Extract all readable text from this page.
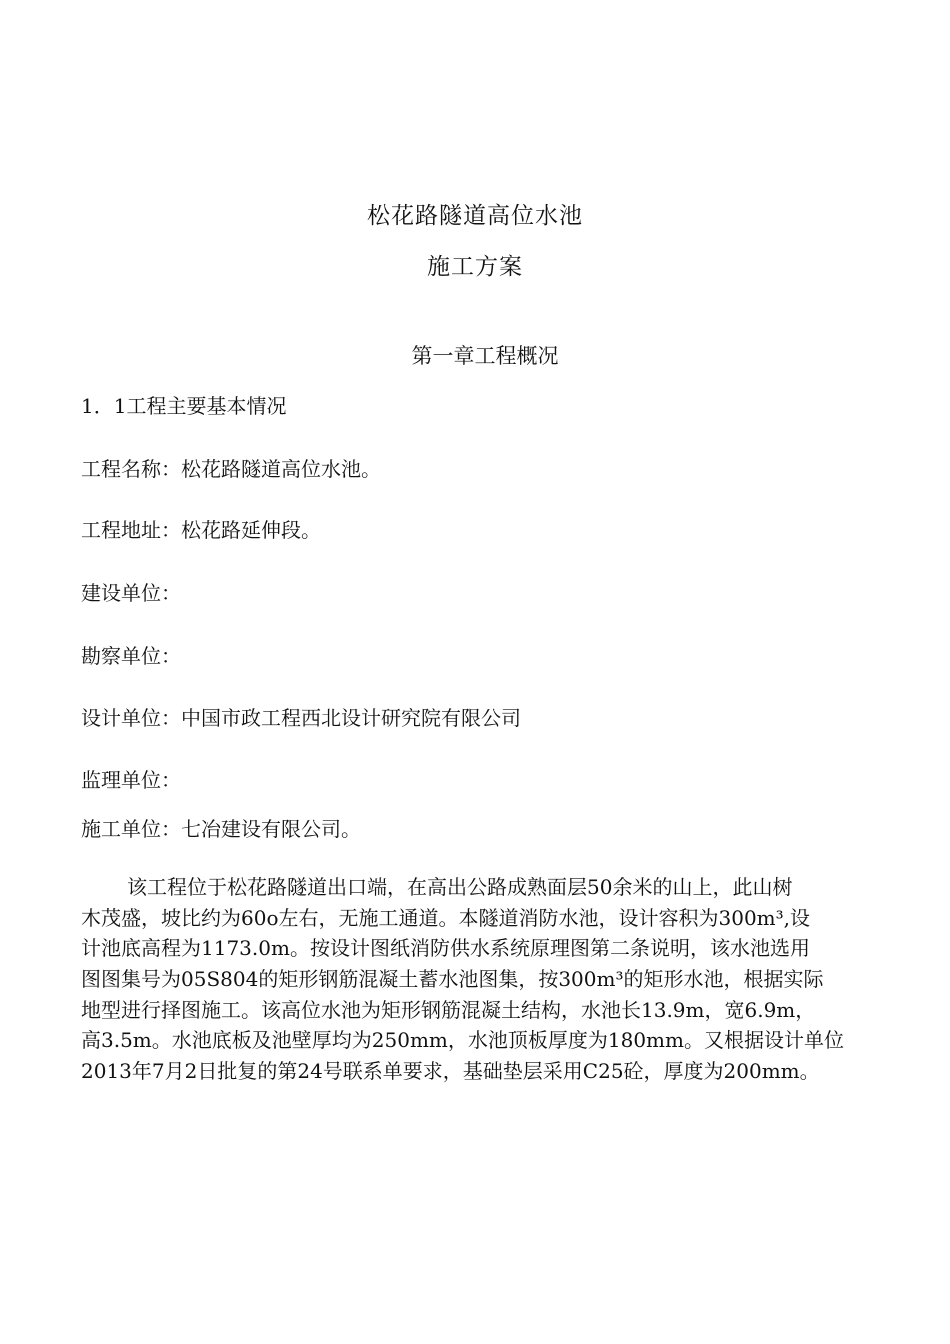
松花路隧道高位水池
施工方案
第一章工程概况
1．1工程主要基本情况
工程名称：松花路隧道高位水池。
工程地址：松花路延伸段。
建设单位：
勘察单位：
设计单位：中国市政工程西北设计研究院有限公司
监理单位：
施工单位：七冶建设有限公司。
该工程位于松花路隧道出口端，在高出公路成熟面层50余米的山上，此山树
木茂盛，坡比约为60o左右，无施工通道。本隧道消防水池，设计容积为300m³,设
计池底高程为1173.0m。按设计图纸消防供水系统原理图第二条说明，该水池选用
图图集号为05S804的矩形钢筋混凝土蓄水池图集，按300m³的矩形水池，根据实际
地型进行择图施工。该高位水池为矩形钢筋混凝土结构，水池长13.9m，宽6.9m，
高3.5m。水池底板及池壁厚均为250mm，水池顶板厚度为180mm。又根据设计单位
2013年7月2日批复的第24号联系单要求，基础垫层采用C25砼，厚度为200mm。
